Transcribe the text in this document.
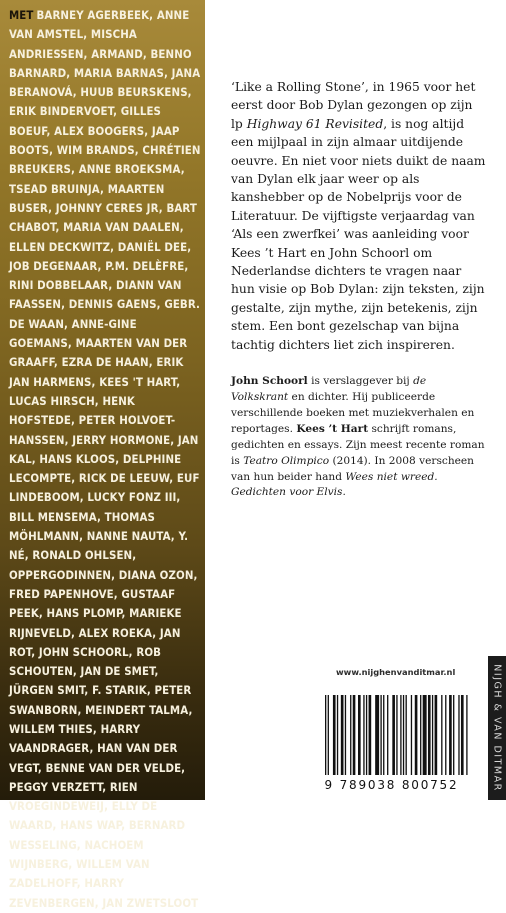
MET BARNEY AGERBEEK, ANNE VAN AMSTEL, MISCHA ANDRIESSEN, ARMAND, BENNO BARNARD, MARIA BARNAS, JANA BERANOVÁ, HUUB BEURSKENS, ERIK BINDERVOET, GILLES BOEUF, ALEX BOOGERS, JAAP BOOTS, WIM BRANDS, CHRÉTIEN BREUKERS, ANNE BROEKSMA, TSEAD BRUINJA, MAARTEN BUSER, JOHNNY CERES JR, BART CHABOT, MARIA VAN DAALEN, ELLEN DECKWITZ, DANIËL DEE, JOB DEGENAAR, P.M. DELÈFRE, RINI DOBBELAAR, DIANN VAN FAASSEN, DENNIS GAENS, GEBR. DE WAAN, ANNE-GINE GOEMANS, MAARTEN VAN DER GRAAFF, EZRA DE HAAN, ERIK JAN HARMENS, KEES 'T HART, LUCAS HIRSCH, HENK HOFSTEDE, PETER HOLVOET-HANSSEN, JERRY HORMONE, JAN KAL, HANS KLOOS, DELPHINE LECOMPTE, RICK DE LEEUW, EUF LINDEBOOM, LUCKY FONZ III, BILL MENSEMA, THOMAS MÖHLMANN, NANNE NAUTA, Y. NÉ, RONALD OHLSEN, OPPERGODINNEN, DIANA OZON, FRED PAPENHOVE, GUSTAAF PEEK, HANS PLOMP, MARIEKE RIJNEVELD, ALEX ROEKA, JAN ROT, JOHN SCHOORL, ROB SCHOUTEN, JAN DE SMET, JÜRGEN SMIT, F. STARIK, PETER SWANBORN, MEINDERT TALMA, WILLEM THIES, HARRY VAANDRAGER, HAN VAN DER VEGT, BENNE VAN DER VELDE, PEGGY VERZETT, RIEN VROEGINDEWEIJ, ELLY DE WAARD, HANS WAP, BERNARD WESSELING, NACHOEM WIJNBERG, WILLEM VAN ZADELHOFF, HARRY ZEVENBERGEN, JAN ZWETSLOOT

‘Like a Rolling Stone’, in 1965 voor het eerst door Bob Dylan gezongen op zijn lp Highway 61 Revisited, is nog altijd een mijlpaal in zijn almaar uitdijende oeuvre. En niet voor niets duikt de naam van Dylan elk jaar weer op als kanshebber op de Nobelprijs voor de Literatuur. De vijftigste verjaardag van ‘Als een zwerfkei’ was aanleiding voor Kees ’t Hart en John Schoorl om Nederlandse dichters te vragen naar hun visie op Bob Dylan: zijn teksten, zijn gestalte, zijn mythe, zijn betekenis, zijn stem. Een bont gezelschap van bijna tachtig dichters liet zich inspireren.

John Schoorl is verslaggever bij de Volkskrant en dichter. Hij publiceerde verschillende boeken met muziekverhalen en reportages. Kees ’t Hart schrijft romans, gedichten en essays. Zijn meest recente roman is Teatro Olimpico (2014). In 2008 verscheen van hun beider hand Wees niet wreed. Gedichten voor Elvis.

www.nijghenvanditmar.nl
9 789038 800752	NIJGH & VAN DITMAR
